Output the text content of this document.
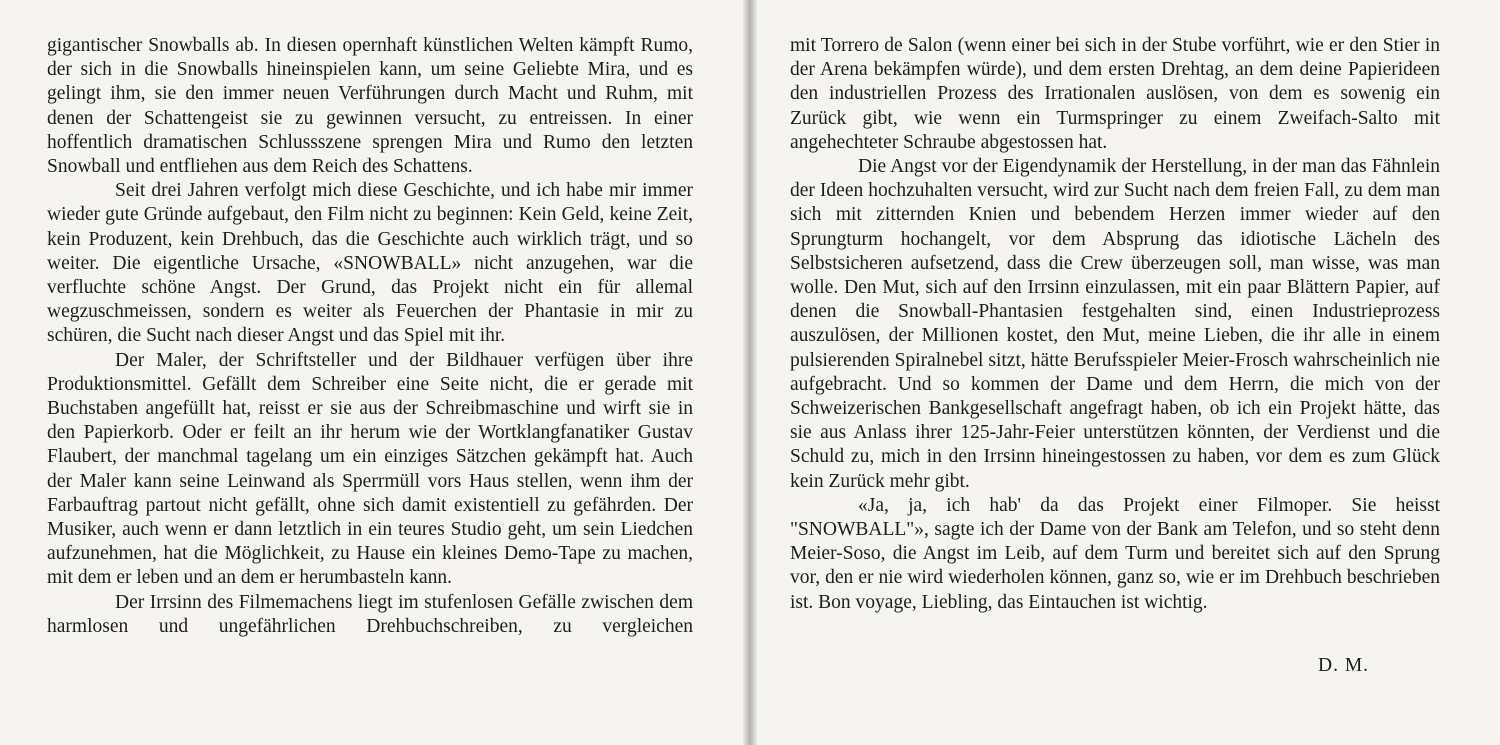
gigantischer Snowballs ab. In diesen opernhaft künstlichen Welten kämpft Rumo, der sich in die Snowballs hineinspielen kann, um seine Geliebte Mira, und es gelingt ihm, sie den immer neuen Verführungen durch Macht und Ruhm, mit denen der Schattengeist sie zu gewinnen versucht, zu entreissen. In einer hoffentlich dramatischen Schlussszene sprengen Mira und Rumo den letzten Snowball und entfliehen aus dem Reich des Schattens.

Seit drei Jahren verfolgt mich diese Geschichte, und ich habe mir immer wieder gute Gründe aufgebaut, den Film nicht zu beginnen: Kein Geld, keine Zeit, kein Produzent, kein Drehbuch, das die Geschichte auch wirklich trägt, und so weiter. Die eigentliche Ursache, «SNOWBALL» nicht anzugehen, war die verfluchte schöne Angst. Der Grund, das Projekt nicht ein für allemal wegzuschmeissen, sondern es weiter als Feuerchen der Phantasie in mir zu schüren, die Sucht nach dieser Angst und das Spiel mit ihr.

Der Maler, der Schriftsteller und der Bildhauer verfügen über ihre Produktionsmittel. Gefällt dem Schreiber eine Seite nicht, die er gerade mit Buchstaben angefüllt hat, reisst er sie aus der Schreibmaschine und wirft sie in den Papierkorb. Oder er feilt an ihr herum wie der Wortklangfanatiker Gustav Flaubert, der manchmal tagelang um ein einziges Sätzchen gekämpft hat. Auch der Maler kann seine Leinwand als Sperrmüll vors Haus stellen, wenn ihm der Farbauftrag partout nicht gefällt, ohne sich damit existentiell zu gefährden. Der Musiker, auch wenn er dann letztlich in ein teures Studio geht, um sein Liedchen aufzunehmen, hat die Möglichkeit, zu Hause ein kleines Demo-Tape zu machen, mit dem er leben und an dem er herumbasteln kann.

Der Irrsinn des Filmemachens liegt im stufenlosen Gefälle zwischen dem harmlosen und ungefährlichen Drehbuchschreiben, zu vergleichen

mit Torrero de Salon (wenn einer bei sich in der Stube vorführt, wie er den Stier in der Arena bekämpfen würde), und dem ersten Drehtag, an dem deine Papierideen den industriellen Prozess des Irrationalen auslösen, von dem es sowenig ein Zurück gibt, wie wenn ein Turmspringer zu einem Zweifach-Salto mit angehechteter Schraube abgestossen hat.

Die Angst vor der Eigendynamik der Herstellung, in der man das Fähnlein der Ideen hochzuhalten versucht, wird zur Sucht nach dem freien Fall, zu dem man sich mit zitternden Knien und bebendem Herzen immer wieder auf den Sprungturm hochangelt, vor dem Absprung das idiotische Lächeln des Selbstsicheren aufsetzend, dass die Crew überzeugen soll, man wisse, was man wolle. Den Mut, sich auf den Irrsinn einzulassen, mit ein paar Blättern Papier, auf denen die Snowball-Phantasien festgehalten sind, einen Industrieprozess auszulösen, der Millionen kostet, den Mut, meine Lieben, die ihr alle in einem pulsierenden Spiralnebel sitzt, hätte Berufsspieler Meier-Frosch wahrscheinlich nie aufgebracht. Und so kommen der Dame und dem Herrn, die mich von der Schweizerischen Bankgesellschaft angefragt haben, ob ich ein Projekt hätte, das sie aus Anlass ihrer 125-Jahr-Feier unterstützen könnten, der Verdienst und die Schuld zu, mich in den Irrsinn hineingestossen zu haben, vor dem es zum Glück kein Zurück mehr gibt.

«Ja, ja, ich hab' da das Projekt einer Filmoper. Sie heisst "SNOWBALL"», sagte ich der Dame von der Bank am Telefon, und so steht denn Meier-Soso, die Angst im Leib, auf dem Turm und bereitet sich auf den Sprung vor, den er nie wird wiederholen können, ganz so, wie er im Drehbuch beschrieben ist. Bon voyage, Liebling, das Eintauchen ist wichtig.

D. M.
